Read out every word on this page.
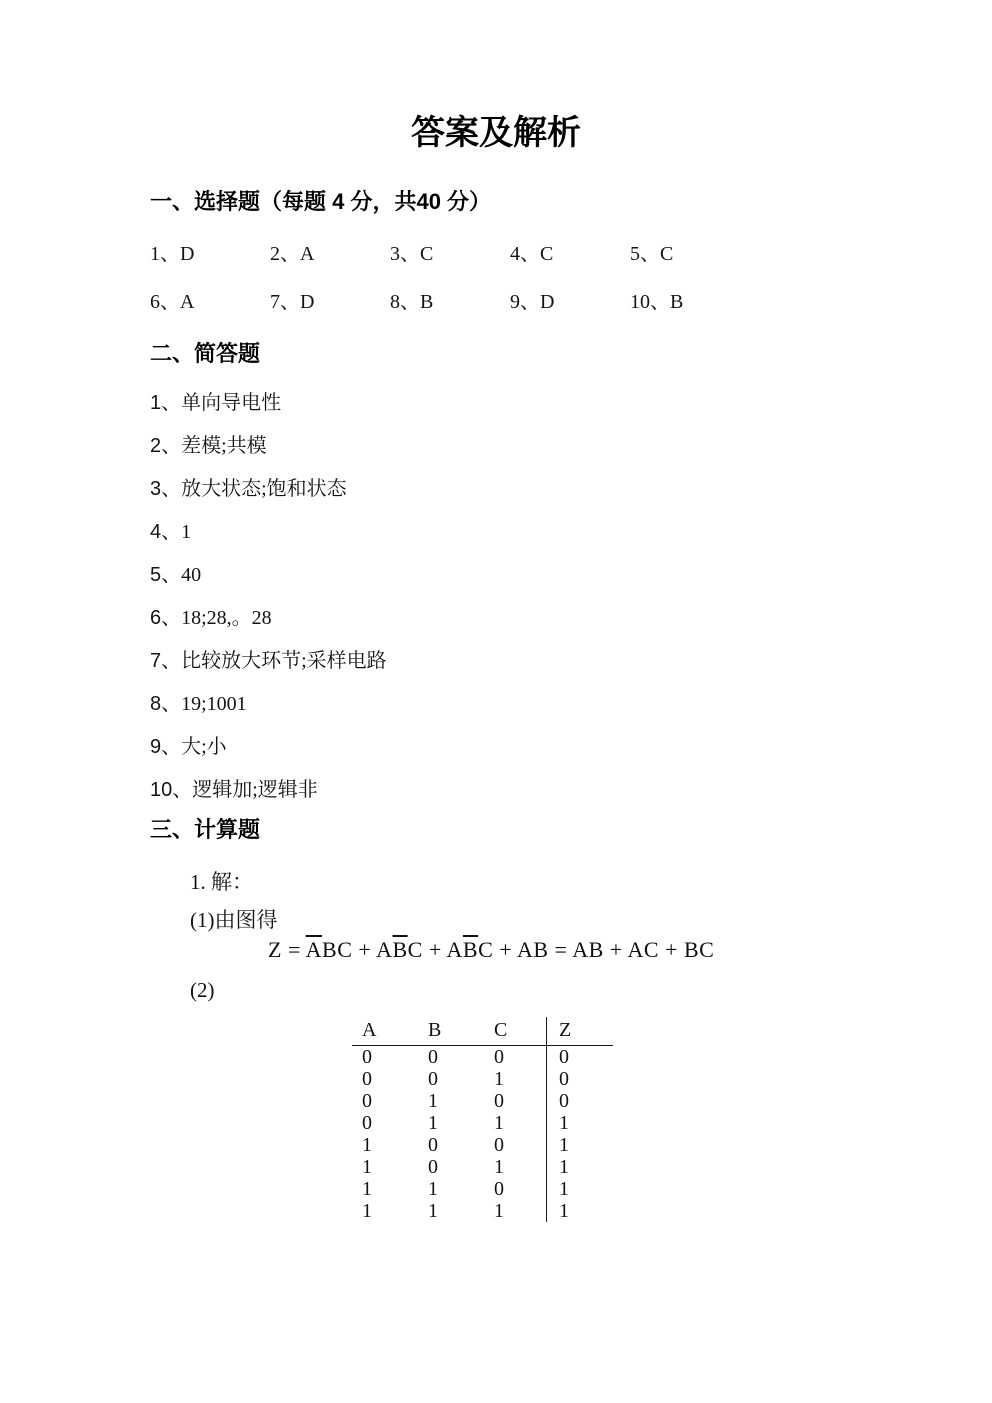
答案及解析
一、选择题（每题 4 分，共40 分）
1、D	2、A	3、C	4、C	5、C
6、A	7、D	8、B	9、D	10、B
二、简答题
1、单向导电性
2、差模;共模
3、放大状态;饱和状态
4、1
5、40
6、18;28,。28
7、比较放大环节;采样电路
8、19;1001
9、大;小
10、逻辑加;逻辑非
三、计算题
1. 解：
(1)由图得
$Z = \overline{A}BC + A\overline{B}C + A\overline{B}C$ + AB = AB + AC + BC
(2)
A	B	C	Z
0	0	0	0
0	0	1	0
0	1	0	0
0	1	1	1
1	0	0	1
1	0	1	1
1	1	0	1
1	1	1	1
